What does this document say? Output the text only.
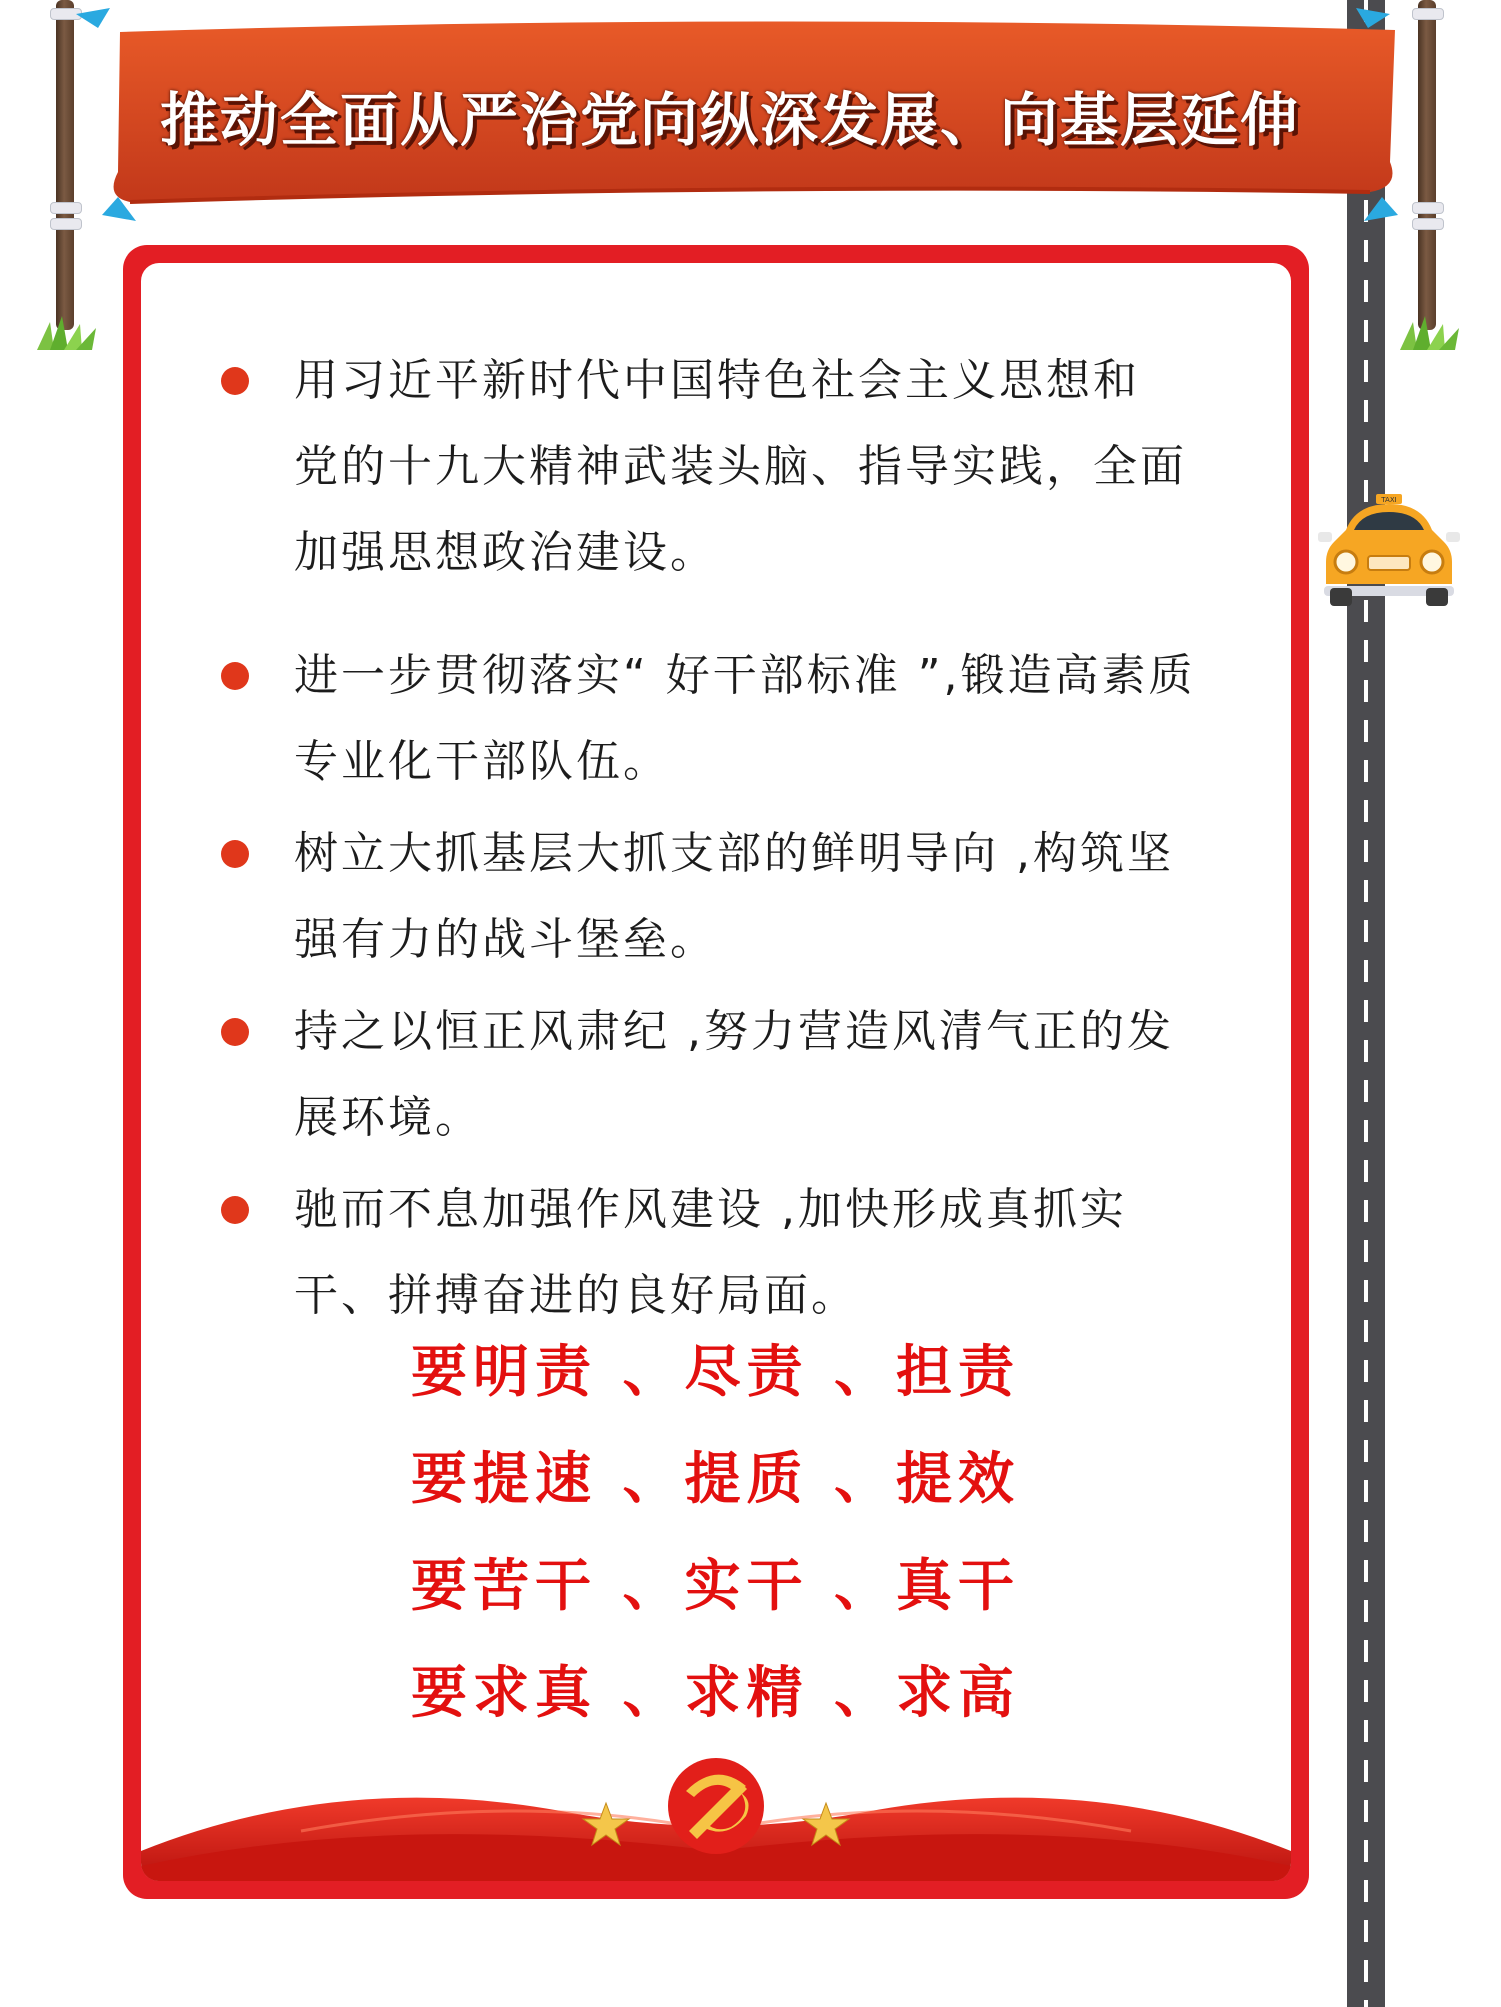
TAXI
推动全面从严治党向纵深发展、向基层延伸
用习近平新时代中国特色社会主义思想和
党的十九大精神武装头脑、指导实践，全面
加强思想政治建设。
进一步贯彻落实“ 好干部标准 ”,锻造高素质
专业化干部队伍。
树立大抓基层大抓支部的鲜明导向 ,构筑坚
强有力的战斗堡垒。
持之以恒正风肃纪 ,努力营造风清气正的发
展环境。
驰而不息加强作风建设 ,加快形成真抓实
干、拼搏奋进的良好局面。
要明责 、尽责 、担责
要提速 、提质 、提效
要苦干 、实干 、真干
要求真 、求精 、求高
